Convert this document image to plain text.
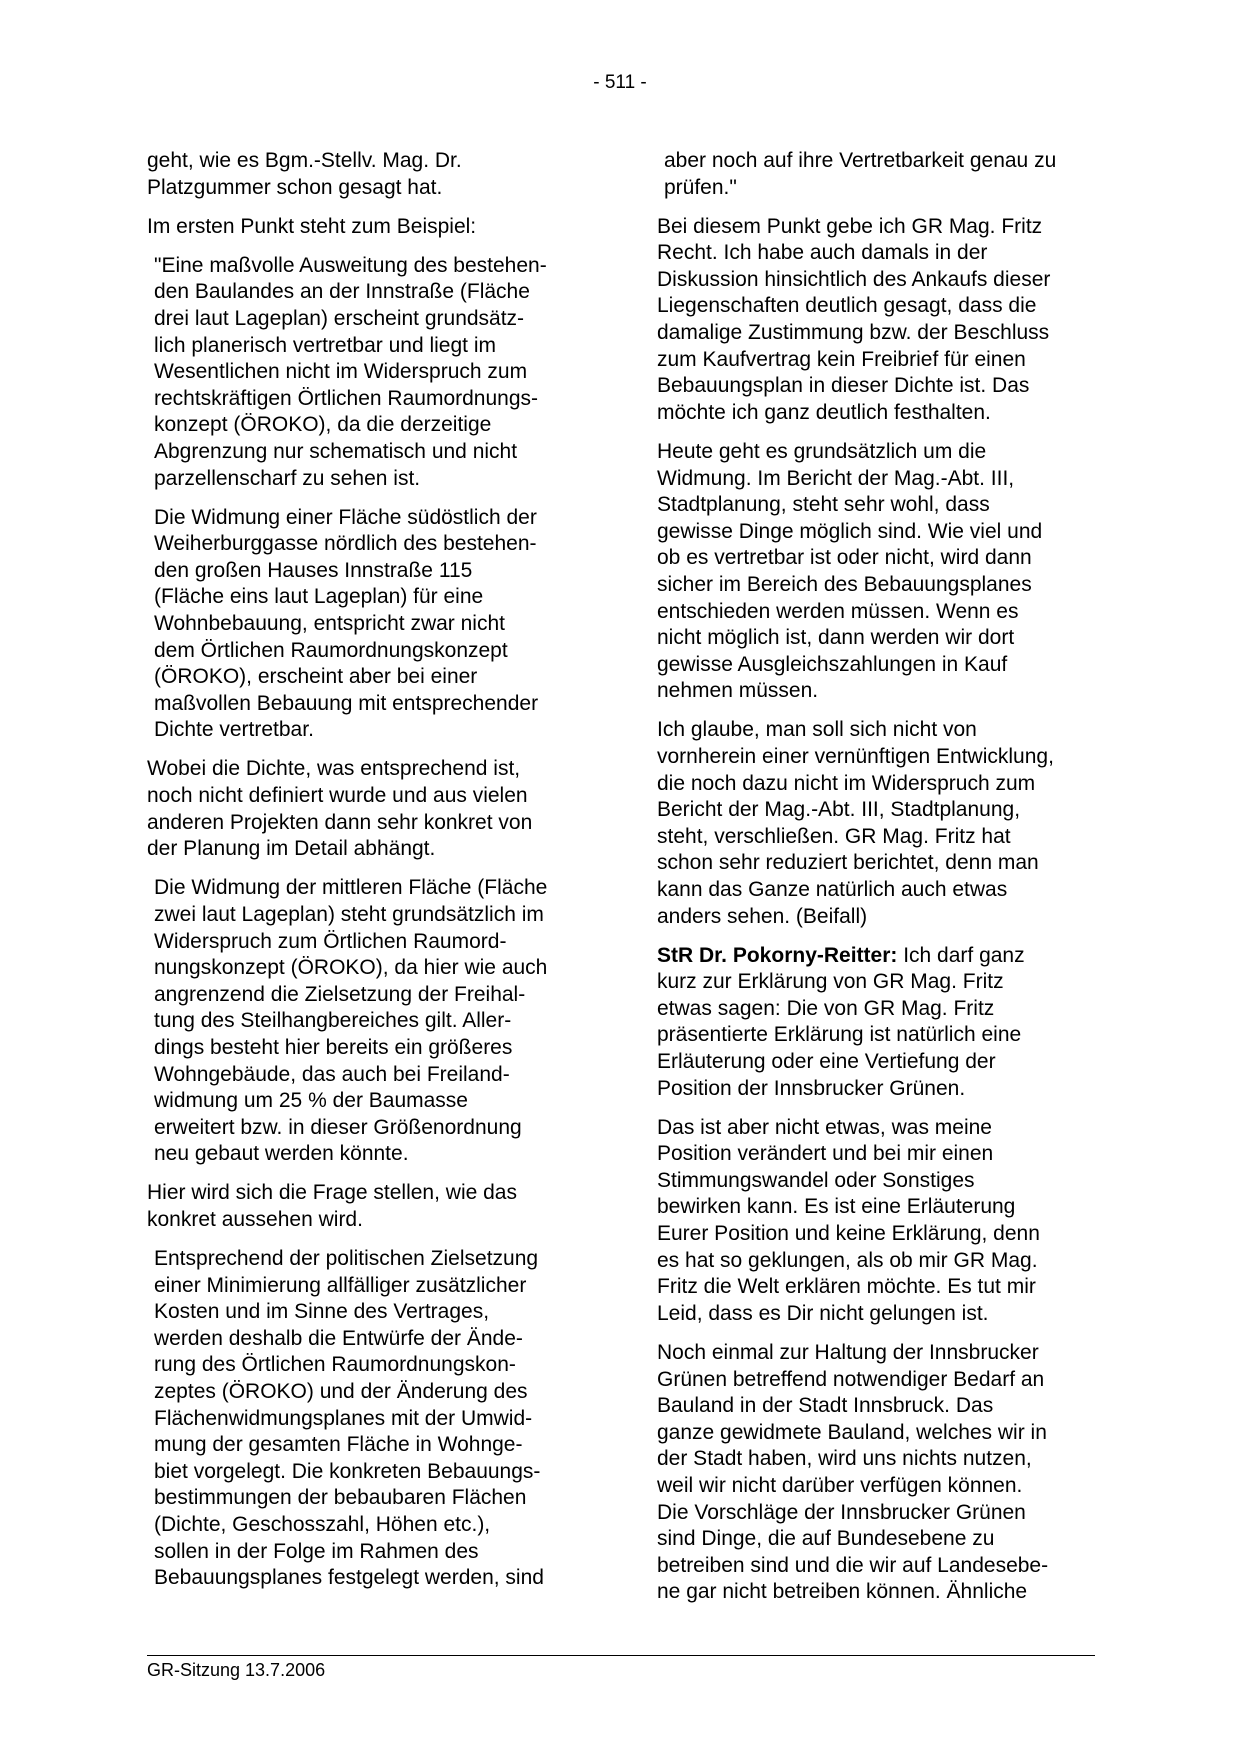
- 511 -

geht, wie es Bgm.-Stellv. Mag. Dr.
Platzgummer schon gesagt hat.

Im ersten Punkt steht zum Beispiel:

"Eine maßvolle Ausweitung des bestehen-
den Baulandes an der Innstraße (Fläche
drei laut Lageplan) erscheint grundsätz-
lich planerisch vertretbar und liegt im
Wesentlichen nicht im Widerspruch zum
rechtskräftigen Örtlichen Raumordnungs-
konzept (ÖROKO), da die derzeitige
Abgrenzung nur schematisch und nicht
parzellenscharf zu sehen ist.

Die Widmung einer Fläche südöstlich der
Weiherburggasse nördlich des bestehen-
den großen Hauses Innstraße 115
(Fläche eins laut Lageplan) für eine
Wohnbebauung, entspricht zwar nicht
dem Örtlichen Raumordnungskonzept
(ÖROKO), erscheint aber bei einer
maßvollen Bebauung mit entsprechender
Dichte vertretbar.

Wobei die Dichte, was entsprechend ist,
noch nicht definiert wurde und aus vielen
anderen Projekten dann sehr konkret von
der Planung im Detail abhängt.

Die Widmung der mittleren Fläche (Fläche
zwei laut Lageplan) steht grundsätzlich im
Widerspruch zum Örtlichen Raumord-
nungskonzept (ÖROKO), da hier wie auch
angrenzend die Zielsetzung der Freihal-
tung des Steilhangbereiches gilt. Aller-
dings besteht hier bereits ein größeres
Wohngebäude, das auch bei Freiland-
widmung um 25 % der Baumasse
erweitert bzw. in dieser Größenordnung
neu gebaut werden könnte.

Hier wird sich die Frage stellen, wie das
konkret aussehen wird.

Entsprechend der politischen Zielsetzung
einer Minimierung allfälliger zusätzlicher
Kosten und im Sinne des Vertrages,
werden deshalb die Entwürfe der Ände-
rung des Örtlichen Raumordnungskon-
zeptes (ÖROKO) und der Änderung des
Flächenwidmungsplanes mit der Umwid-
mung der gesamten Fläche in Wohnge-
biet vorgelegt. Die konkreten Bebauungs-
bestimmungen der bebaubaren Flächen
(Dichte, Geschosszahl, Höhen etc.),
sollen in der Folge im Rahmen des
Bebauungsplanes festgelegt werden, sind

aber noch auf ihre Vertretbarkeit genau zu
prüfen."

Bei diesem Punkt gebe ich GR Mag. Fritz
Recht. Ich habe auch damals in der
Diskussion hinsichtlich des Ankaufs dieser
Liegenschaften deutlich gesagt, dass die
damalige Zustimmung bzw. der Beschluss
zum Kaufvertrag kein Freibrief für einen
Bebauungsplan in dieser Dichte ist. Das
möchte ich ganz deutlich festhalten.

Heute geht es grundsätzlich um die
Widmung. Im Bericht der Mag.-Abt. III,
Stadtplanung, steht sehr wohl, dass
gewisse Dinge möglich sind. Wie viel und
ob es vertretbar ist oder nicht, wird dann
sicher im Bereich des Bebauungsplanes
entschieden werden müssen. Wenn es
nicht möglich ist, dann werden wir dort
gewisse Ausgleichszahlungen in Kauf
nehmen müssen.

Ich glaube, man soll sich nicht von
vornherein einer vernünftigen Entwicklung,
die noch dazu nicht im Widerspruch zum
Bericht der Mag.-Abt. III, Stadtplanung,
steht, verschließen. GR Mag. Fritz hat
schon sehr reduziert berichtet, denn man
kann das Ganze natürlich auch etwas
anders sehen. (Beifall)

StR Dr. Pokorny-Reitter: Ich darf ganz
kurz zur Erklärung von GR Mag. Fritz
etwas sagen: Die von GR Mag. Fritz
präsentierte Erklärung ist natürlich eine
Erläuterung oder eine Vertiefung der
Position der Innsbrucker Grünen.

Das ist aber nicht etwas, was meine
Position verändert und bei mir einen
Stimmungswandel oder Sonstiges
bewirken kann. Es ist eine Erläuterung
Eurer Position und keine Erklärung, denn
es hat so geklungen, als ob mir GR Mag.
Fritz die Welt erklären möchte. Es tut mir
Leid, dass es Dir nicht gelungen ist.

Noch einmal zur Haltung der Innsbrucker
Grünen betreffend notwendiger Bedarf an
Bauland in der Stadt Innsbruck. Das
ganze gewidmete Bauland, welches wir in
der Stadt haben, wird uns nichts nutzen,
weil wir nicht darüber verfügen können.
Die Vorschläge der Innsbrucker Grünen
sind Dinge, die auf Bundesebene zu
betreiben sind und die wir auf Landesebe-
ne gar nicht betreiben können. Ähnliche

GR-Sitzung 13.7.2006
